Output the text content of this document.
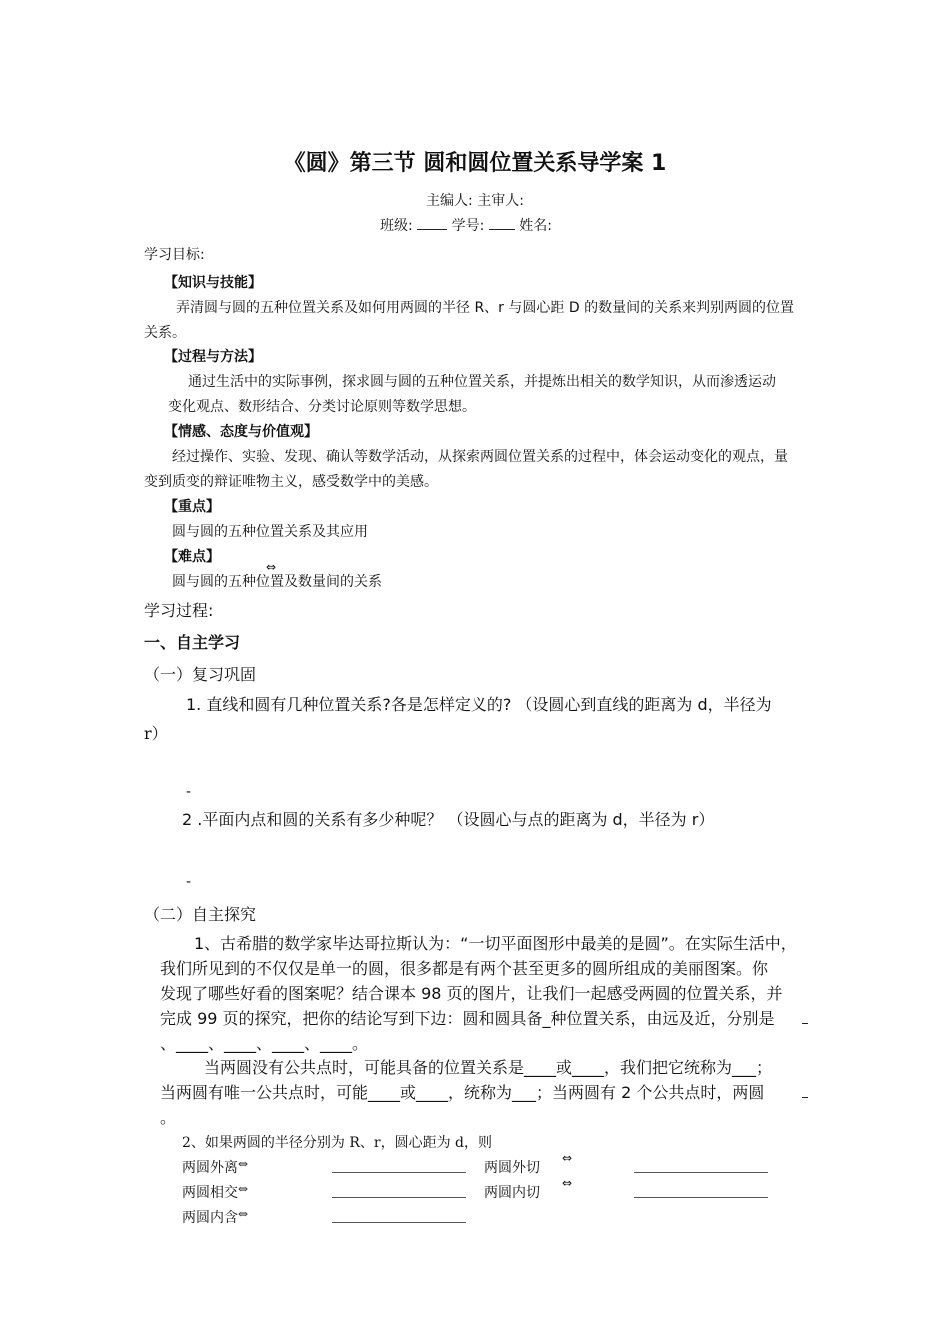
《圆》第三节 圆和圆位置关系导学案 1
主编人: 主审人:
班级:	学号: 姓名:
学习目标:
【知识与技能】
弄清圆与圆的五种位置关系及如何用两圆的半径 R、r 与圆心距 D 的数量间的关系来判别两圆的位置
关系。
【过程与方法】
通过生活中的实际事例，探求圆与圆的五种位置关系，并提炼出相关的数学知识，从而渗透运动
变化观点、数形结合、分类讨论原则等数学思想。
【情感、态度与价值观】
经过操作、实验、发现、确认等数学活动，从探索两圆位置关系的过程中，体会运动变化的观点，量
变到质变的辩证唯物主义，感受数学中的美感。
【重点】
圆与圆的五种位置关系及其应用
【难点】
⇔
圆与圆的五种位置及数量间的关系
学习过程:
一、自主学习
（一）复习巩固
1. 直线和圆有几种位置关系?各是怎样定义的? （设圆心到直线的距离为 d，半径为
r）
-
2 .平面内点和圆的关系有多少种呢？ （设圆心与点的距离为 d，半径为 r）
-
（二）自主探究
1、古希腊的数学家毕达哥拉斯认为：“一切平面图形中最美的是圆”。在实际生活中，
我们所见到的不仅仅是单一的圆，很多都是有两个甚至更多的圆所组成的美丽图案。你
发现了哪些好看的图案呢？结合课本 98 页的图片，让我们一起感受两圆的位置关系，并
完成 99 页的探究，把你的结论写到下边：圆和圆具备_种位置关系，由远及近，分别是
、____、____、____、____。
当两圆没有公共点时，可能具备的位置关系是____或____，我们把它统称为___；
当两圆有唯一公共点时，可能____或____，统称为___；当两圆有 2 个公共点时，两圆
。
2、如果两圆的半径分别为 R、r，圆心距为 d，则
两圆外离⇔	两圆外切
⇔
两圆相交⇔	两圆内切
⇔
两圆内含⇔
